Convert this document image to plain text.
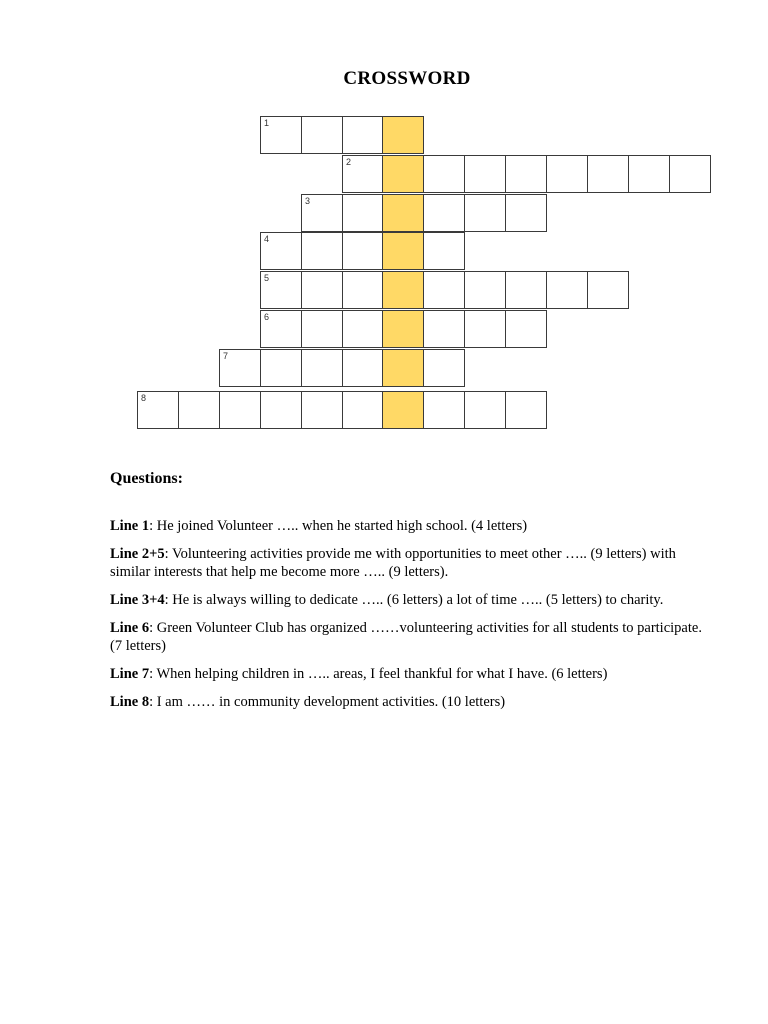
CROSSWORD
1
2
3
4
5
6
7
8
Questions:

Line 1: He joined Volunteer ….. when he started high school. (4 letters)

Line 2+5: Volunteering activities provide me with opportunities to meet other ….. (9 letters) with similar interests that help me become more ….. (9 letters).

Line 3+4: He is always willing to dedicate ….. (6 letters) a lot of time ….. (5 letters) to charity.

Line 6: Green Volunteer Club has organized ……volunteering activities for all students to participate. (7 letters)

Line 7: When helping children in ….. areas, I feel thankful for what I have. (6 letters)

Line 8: I am …… in community development activities. (10 letters)
